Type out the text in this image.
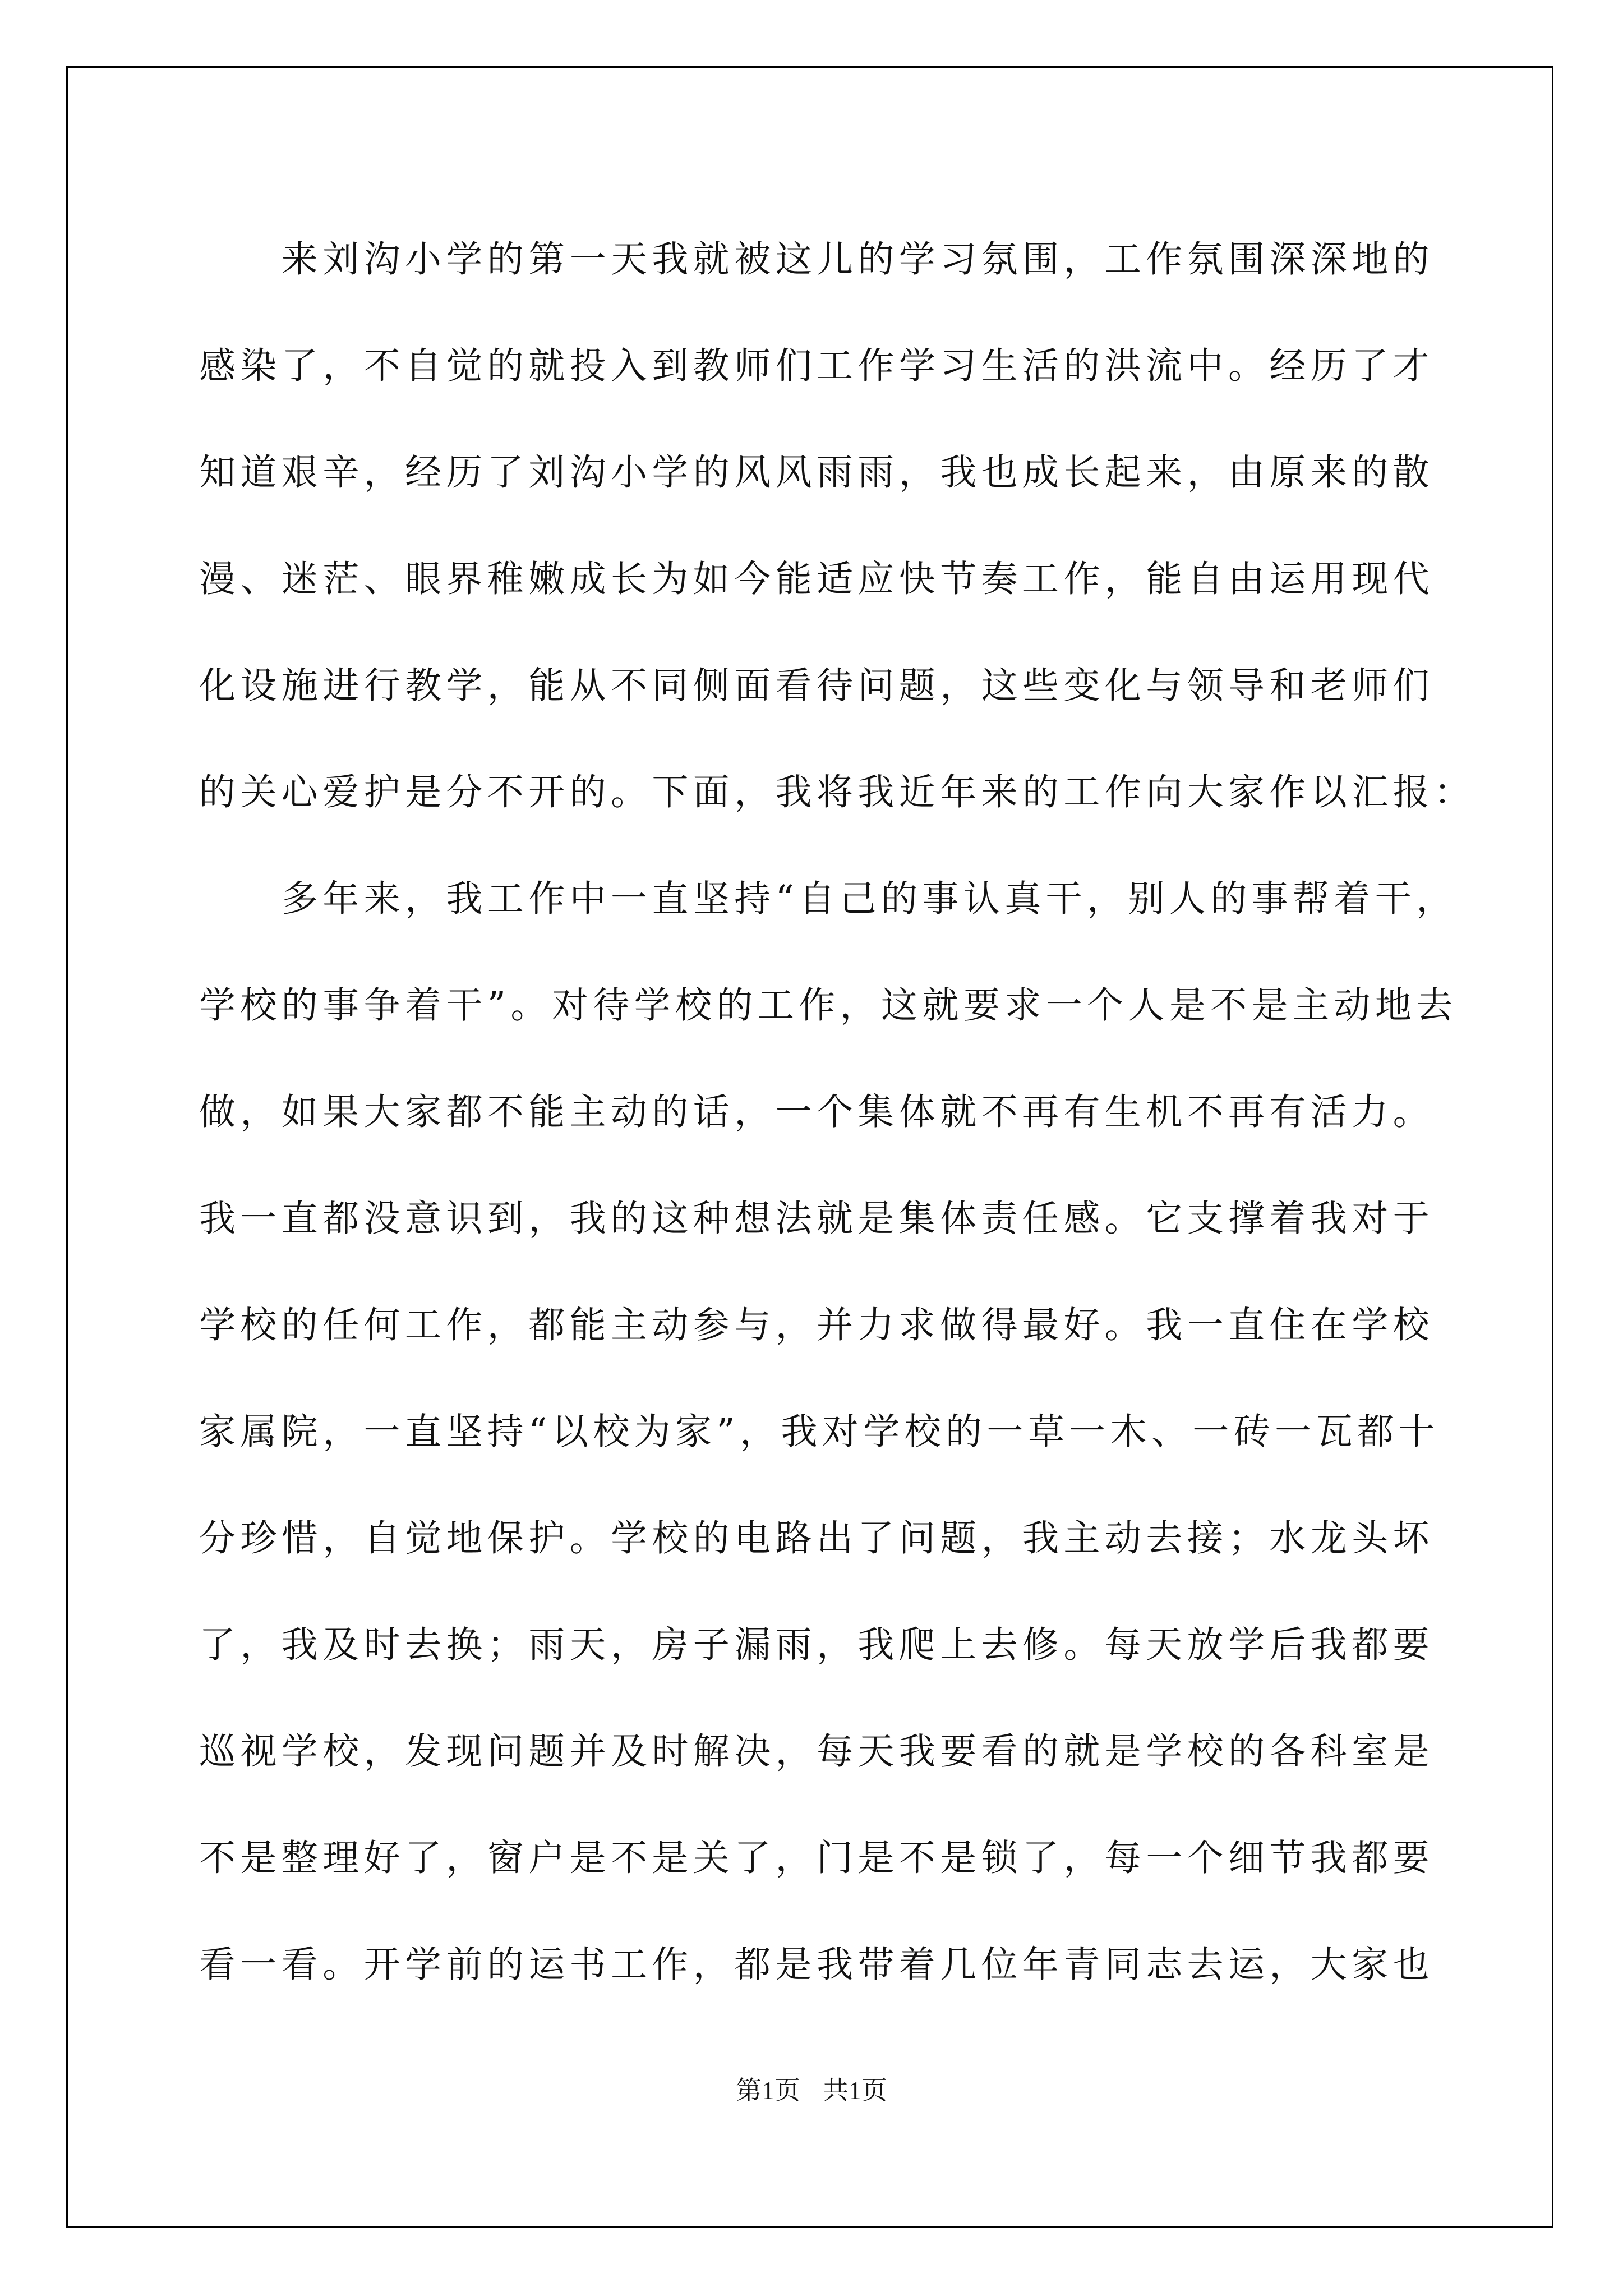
　　来刘沟小学的第一天我就被这儿的学习氛围，工作氛围深深地的
感染了，不自觉的就投入到教师们工作学习生活的洪流中。经历了才
知道艰辛，经历了刘沟小学的风风雨雨，我也成长起来，由原来的散
漫、迷茫、眼界稚嫩成长为如今能适应快节奏工作，能自由运用现代
化设施进行教学，能从不同侧面看待问题，这些变化与领导和老师们
的关心爱护是分不开的。下面，我将我近年来的工作向大家作以汇报：
　　多年来，我工作中一直坚持“自己的事认真干，别人的事帮着干，
学校的事争着干”。对待学校的工作，这就要求一个人是不是主动地去
做，如果大家都不能主动的话，一个集体就不再有生机不再有活力。
我一直都没意识到，我的这种想法就是集体责任感。它支撑着我对于
学校的任何工作，都能主动参与，并力求做得最好。我一直住在学校
家属院，一直坚持“以校为家”，我对学校的一草一木、一砖一瓦都十
分珍惜，自觉地保护。学校的电路出了问题，我主动去接；水龙头坏
了，我及时去换；雨天，房子漏雨，我爬上去修。每天放学后我都要
巡视学校，发现问题并及时解决，每天我要看的就是学校的各科室是
不是整理好了，窗户是不是关了，门是不是锁了，每一个细节我都要
看一看。开学前的运书工作，都是我带着几位年青同志去运，大家也
第1页 共1页
